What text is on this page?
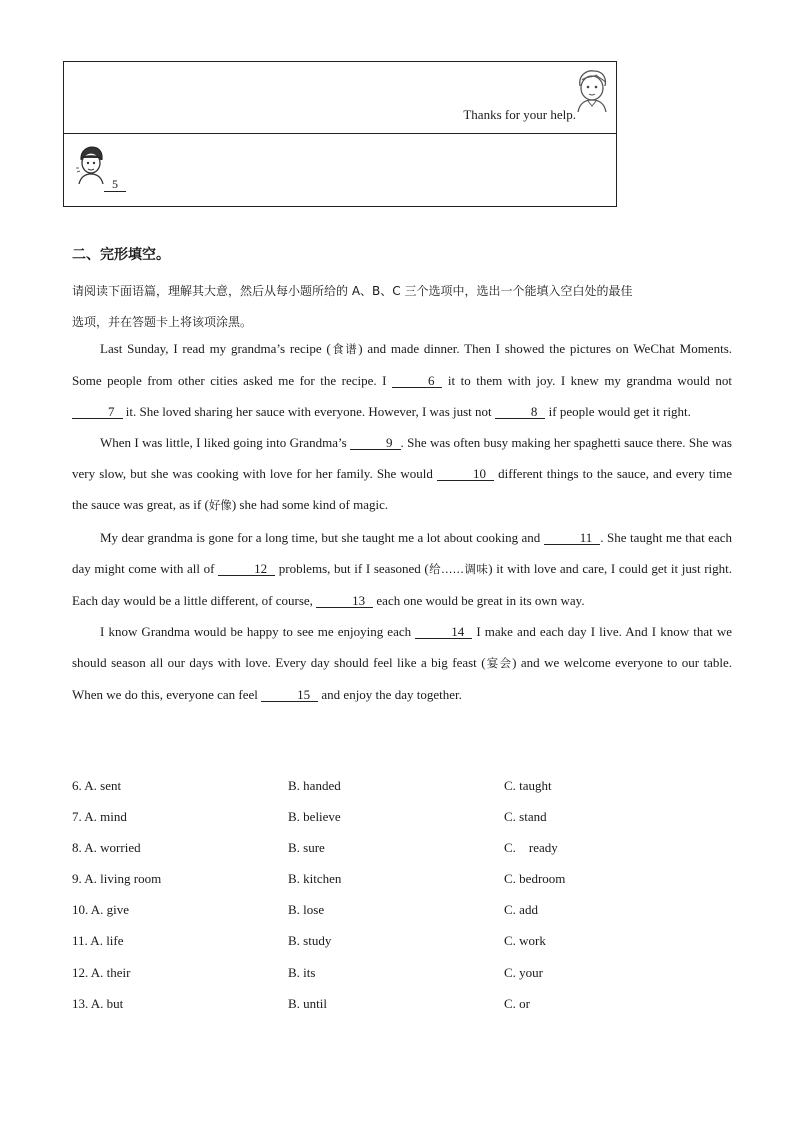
Thanks for your help.
5
二、完形填空。
请阅读下面语篇，理解其大意，然后从每小题所给的 A、B、C 三个选项中，选出一个能填入空白处的最佳
选项，并在答题卡上将该项涂黑。

Last Sunday, I read my grandma’s recipe (食谱) and made dinner. Then I showed the pictures on WeChat Moments. Some people from other cities asked me for the recipe. I	6 it to them with joy. I knew my grandma would not 7 it. She loved sharing her sauce with everyone. However, I was just not	8 if people would get it right.

When I was little, I liked going into Grandma’s	9 . She was often busy making her spaghetti sauce there. She was very slow, but she was cooking with love for her family. She would	10 different things to the sauce, and every time the sauce was great, as if (好像) she had some kind of magic.

My dear grandma is gone for a long time, but she taught me a lot about cooking and	11 . She taught me that each day might come with all of	12 problems, but if I seasoned (给……调味) it with love and care, I could get it just right. Each day would be a little different, of course,	13 each one would be great in its own way.

I know Grandma would be happy to see me enjoying each	14 I make and each day I live. And I know that we should season all our days with love. Every day should feel like a big feast (宴会) and we welcome everyone to our table. When we do this, everyone can feel	15 and enjoy the day together.

6. A. sent	B. handed	C. taught
7. A. mind	B. believe	C. stand
8. A. worried	B. sure	C.    ready
9. A. living room	B. kitchen	C. bedroom
10. A. give	B. lose	C. add
11. A. life	B. study	C. work
12. A. their	B. its	C. your
13. A. but	B. until	C. or
